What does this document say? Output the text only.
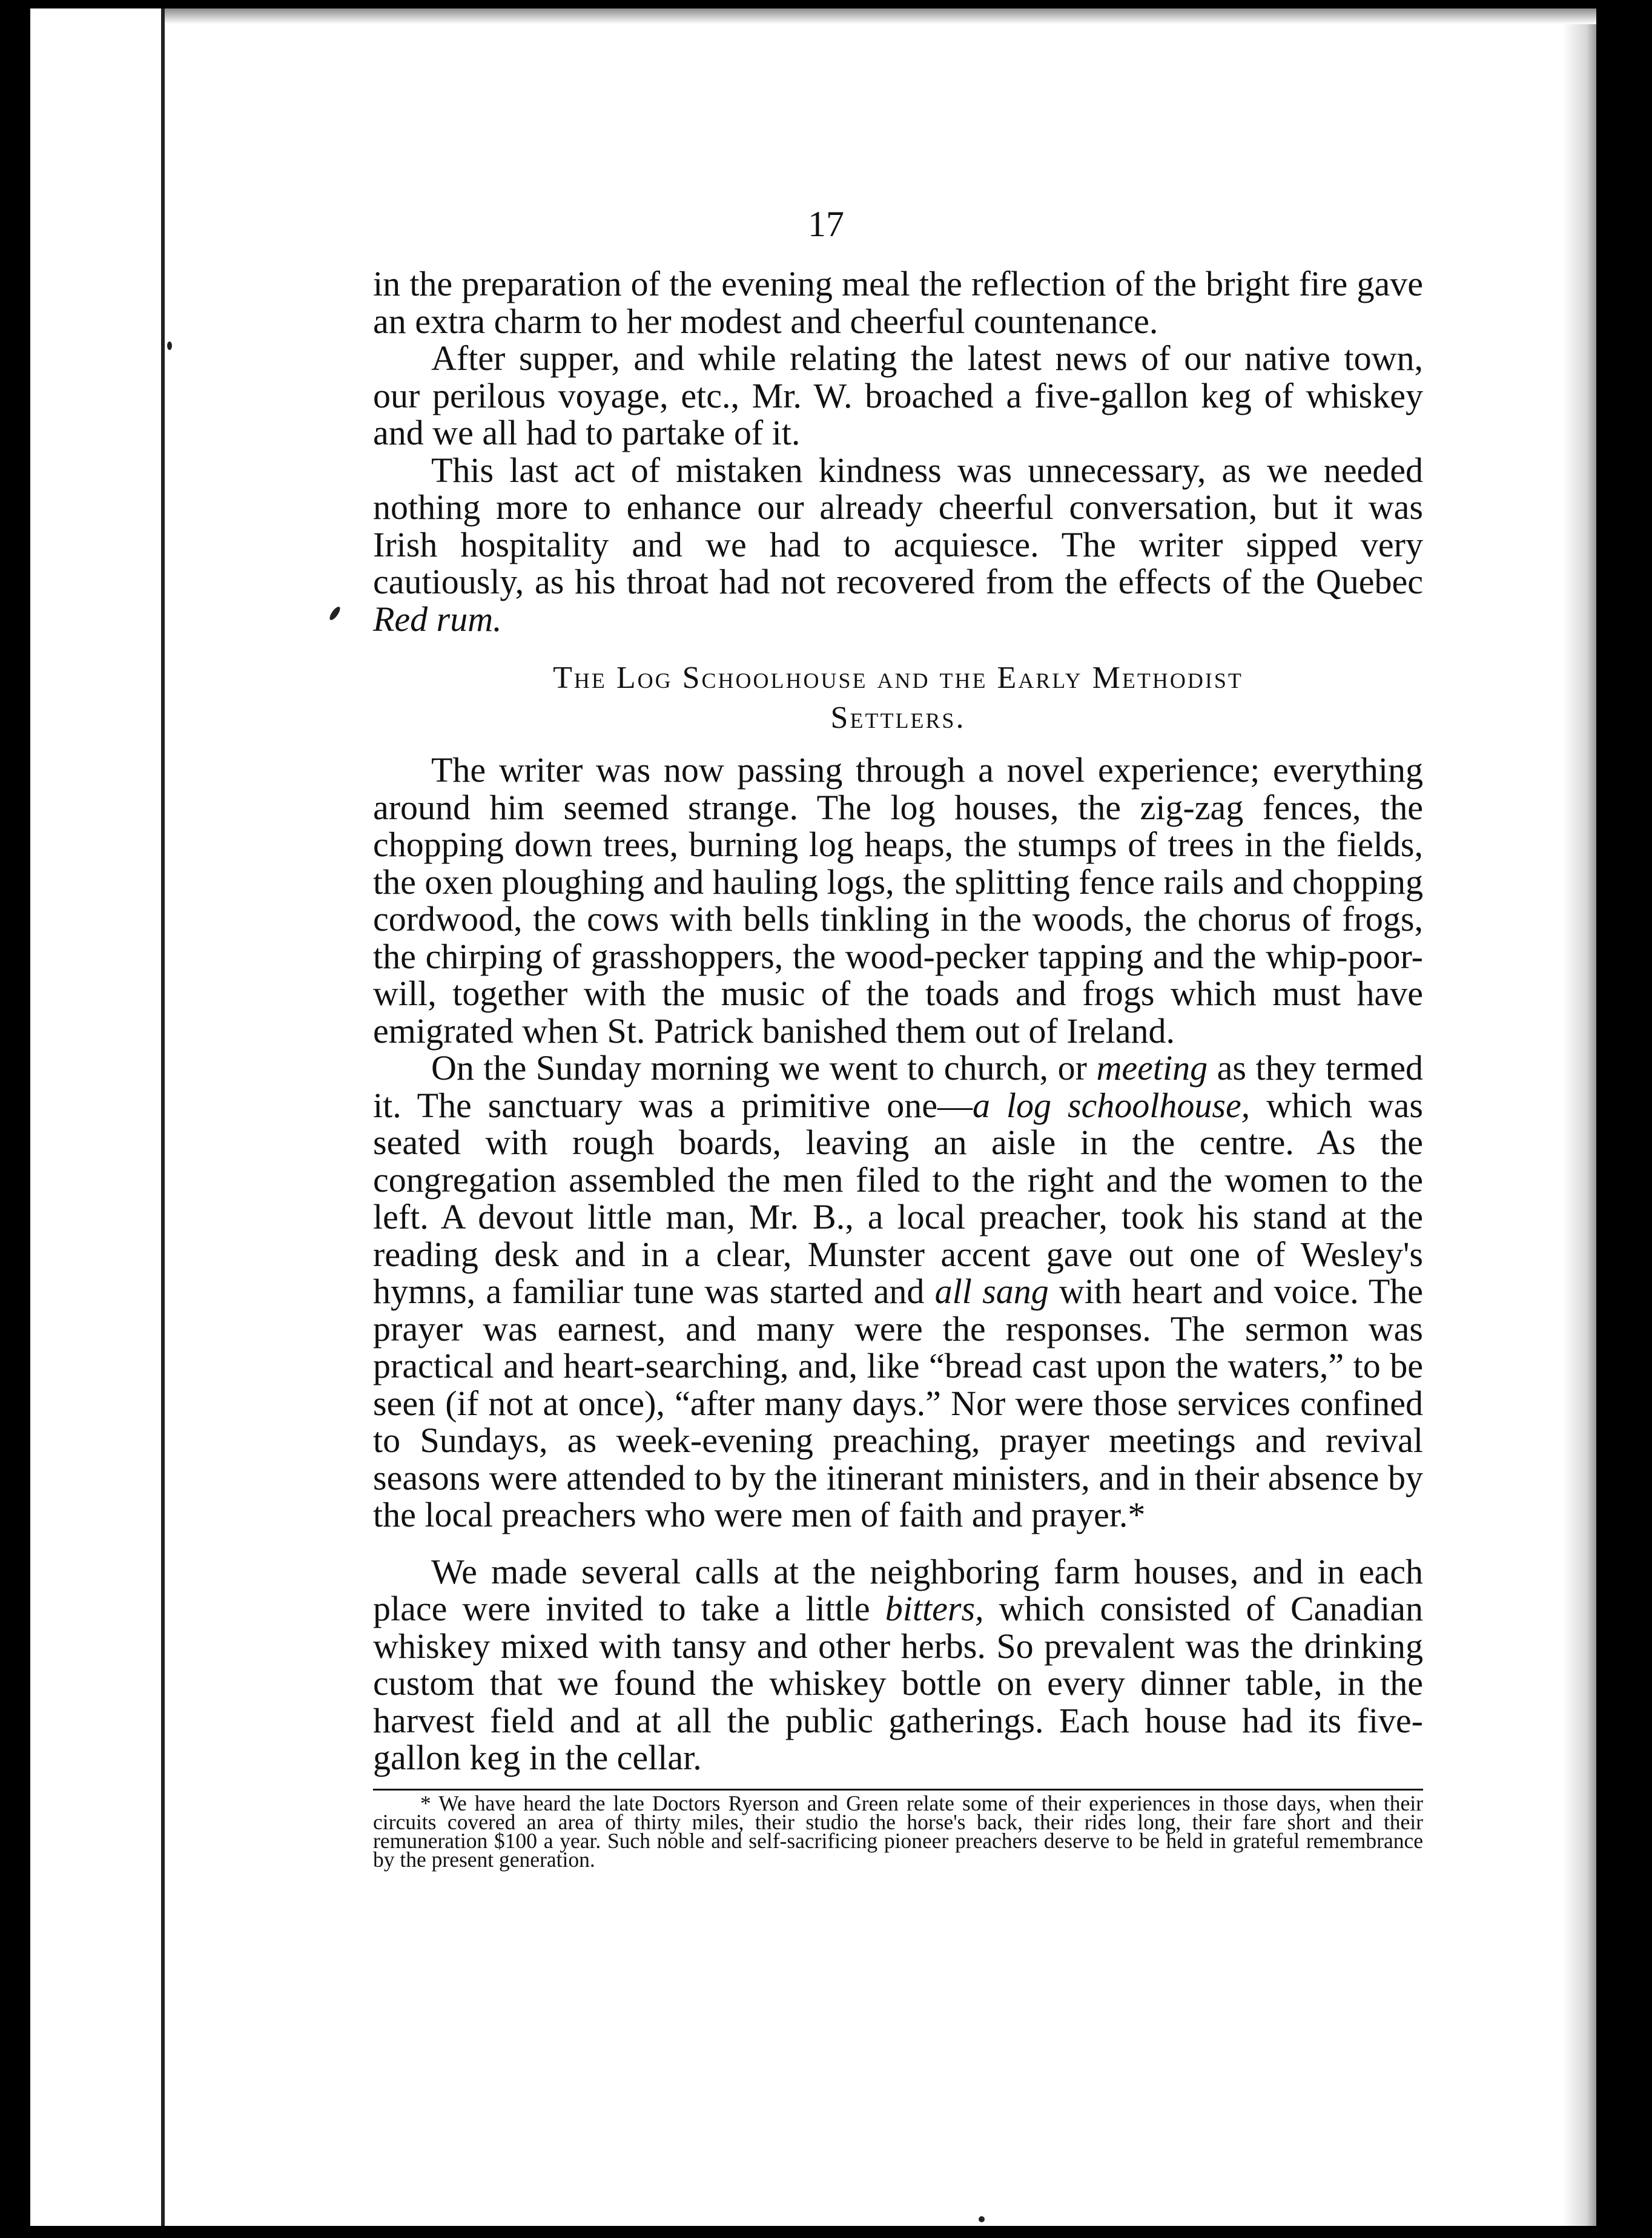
17

in the preparation of the evening meal the reflection of the bright fire gave an extra charm to her modest and cheerful countenance.

After supper, and while relating the latest news of our native town, our perilous voyage, etc., Mr. W. broached a five-gallon keg of whiskey and we all had to partake of it.

This last act of mistaken kindness was unnecessary, as we needed nothing more to enhance our already cheerful conversation, but it was Irish hospitality and we had to acquiesce. The writer sipped very cautiously, as his throat had not recovered from the effects of the Quebec Red rum.

The Log Schoolhouse and the Early Methodist
Settlers.

The writer was now passing through a novel experience; everything around him seemed strange. The log houses, the zig-zag fences, the chopping down trees, burning log heaps, the stumps of trees in the fields, the oxen ploughing and hauling logs, the splitting fence rails and chopping cordwood, the cows with bells tinkling in the woods, the chorus of frogs, the chirping of grasshoppers, the wood-pecker tapping and the whip-poor-will, together with the music of the toads and frogs which must have emigrated when St. Patrick banished them out of Ireland.

On the Sunday morning we went to church, or meeting as they termed it. The sanctuary was a primitive one—a log schoolhouse, which was seated with rough boards, leaving an aisle in the centre. As the congregation assembled the men filed to the right and the women to the left. A devout little man, Mr. B., a local preacher, took his stand at the reading desk and in a clear, Munster accent gave out one of Wesley's hymns, a familiar tune was started and all sang with heart and voice. The prayer was earnest, and many were the responses. The sermon was practical and heart-searching, and, like “bread cast upon the waters,” to be seen (if not at once), “after many days.” Nor were those services confined to Sundays, as week-evening preaching, prayer meetings and revival seasons were attended to by the itinerant ministers, and in their absence by the local preachers who were men of faith and prayer.*

We made several calls at the neighboring farm houses, and in each place were invited to take a little bitters, which consisted of Canadian whiskey mixed with tansy and other herbs. So prevalent was the drinking custom that we found the whiskey bottle on every dinner table, in the harvest field and at all the public gatherings. Each house had its five-gallon keg in the cellar.

* We have heard the late Doctors Ryerson and Green relate some of their experiences in those days, when their circuits covered an area of thirty miles, their studio the horse's back, their rides long, their fare short and their remuneration $100 a year. Such noble and self-sacrificing pioneer preachers deserve to be held in grateful remembrance by the present generation.
